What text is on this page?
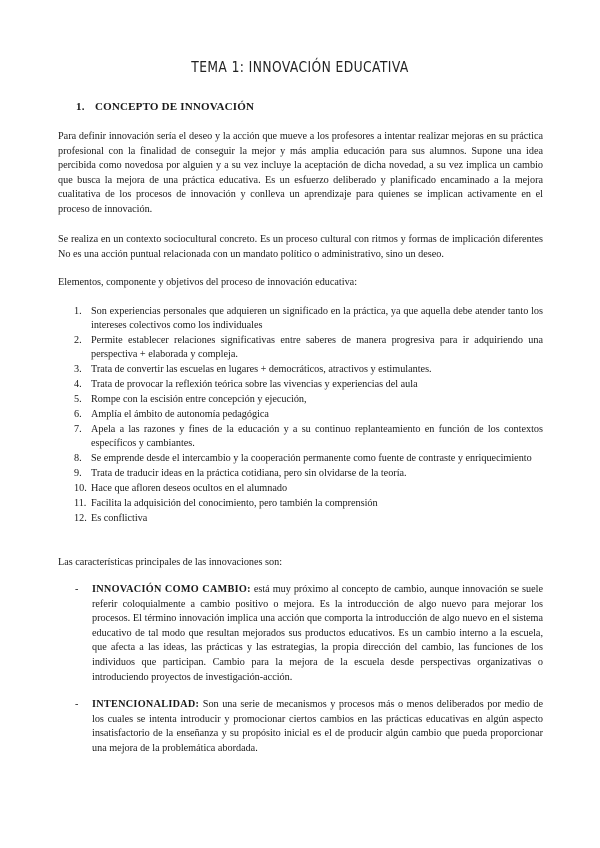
TEMA 1: INNOVACIÓN EDUCATIVA
1. CONCEPTO DE INNOVACIÓN

Para definir innovación sería el deseo y la acción que mueve a los profesores a intentar realizar mejoras en su práctica profesional con la finalidad de conseguir la mejor y más amplia educación para sus alumnos. Supone una idea percibida como novedosa por alguien y a su vez incluye la aceptación de dicha novedad, a su vez implica un cambio que busca la mejora de una práctica educativa. Es un esfuerzo deliberado y planificado encaminado a la mejora cualitativa de los procesos de innovación y conlleva un aprendizaje para quienes se implican activamente en el proceso de innovación.

Se realiza en un contexto sociocultural concreto. Es un proceso cultural con ritmos y formas de implicación diferentes No es una acción puntual relacionada con un mandato político o administrativo, sino un deseo.

Elementos, componente y objetivos del proceso de innovación educativa:

1. Son experiencias personales que adquieren un significado en la práctica, ya que aquella debe atender tanto los intereses colectivos como los individuales
2. Permite establecer relaciones significativas entre saberes de manera progresiva para ir adquiriendo una perspectiva + elaborada y compleja.
3. Trata de convertir las escuelas en lugares + democráticos, atractivos y estimulantes.
4. Trata de provocar la reflexión teórica sobre las vivencias y experiencias del aula
5. Rompe con la escisión entre concepción y ejecución,
6. Amplía el ámbito de autonomía pedagógica
7. Apela a las razones y fines de la educación y a su continuo replanteamiento en función de los contextos específicos y cambiantes.
8. Se emprende desde el intercambio y la cooperación permanente como fuente de contraste y enriquecimiento
9. Trata de traducir ideas en la práctica cotidiana, pero sin olvidarse de la teoría.
10. Hace que afloren deseos ocultos en el alumnado
11. Facilita la adquisición del conocimiento, pero también la comprensión
12. Es conflictiva

Las características principales de las innovaciones son:

- INNOVACIÓN COMO CAMBIO: está muy próximo al concepto de cambio, aunque innovación se suele referir coloquialmente a cambio positivo o mejora. Es la introducción de algo nuevo para mejorar los procesos. El término innovación implica una acción que comporta la introducción de algo nuevo en el sistema educativo de tal modo que resultan mejorados sus productos educativos. Es un cambio interno a la escuela, que afecta a las ideas, las prácticas y las estrategias, la propia dirección del cambio, las funciones de los individuos que participan. Cambio para la mejora de la escuela desde perspectivas organizativas o introduciendo proyectos de investigación-acción.
- INTENCIONALIDAD: Son una serie de mecanismos y procesos más o menos deliberados por medio de los cuales se intenta introducir y promocionar ciertos cambios en las prácticas educativas en algún aspecto insatisfactorio de la enseñanza y su propósito inicial es el de producir algún cambio que pueda proporcionar una mejora de la problemática abordada.
